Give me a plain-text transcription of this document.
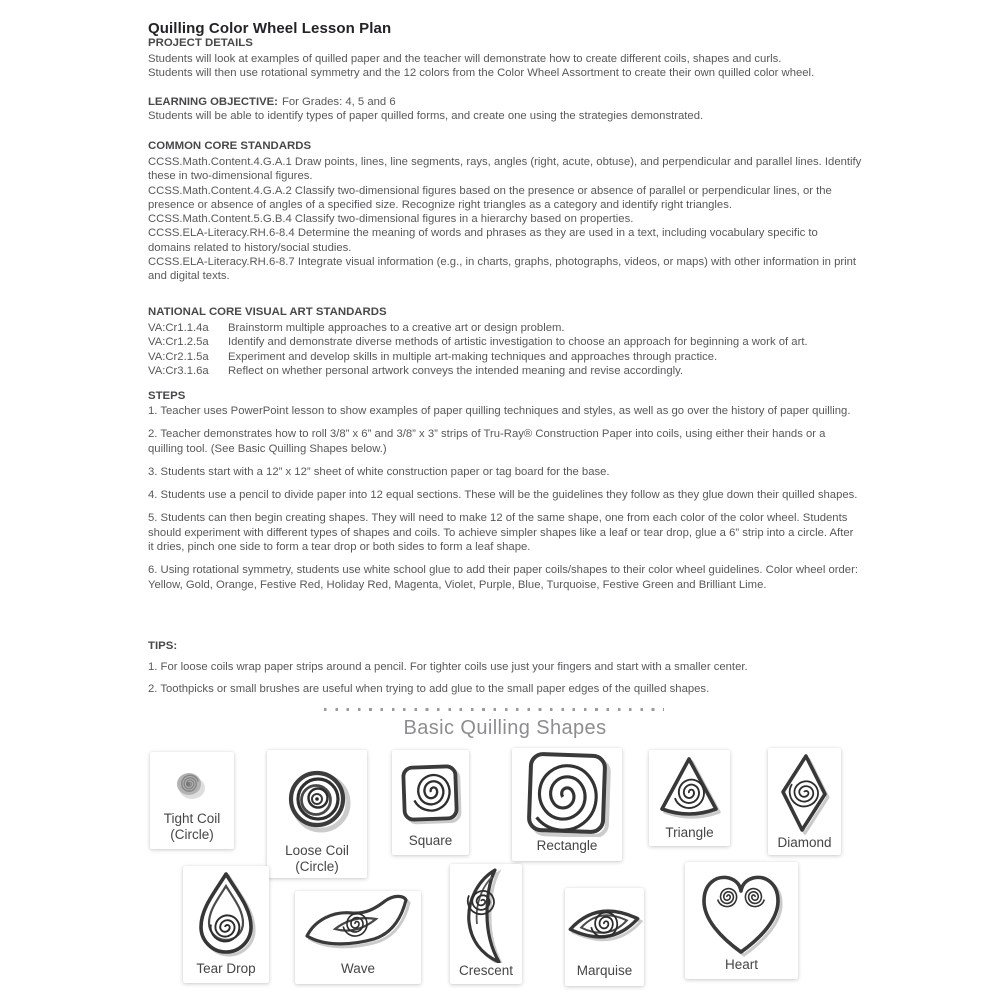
Quilling Color Wheel Lesson Plan
PROJECT DETAILS

Students will look at examples of quilled paper and the teacher will demonstrate how to create different coils, shapes and curls.

Students will then use rotational symmetry and the 12 colors from the Color Wheel Assortment to create their own quilled color wheel.

LEARNING OBJECTIVE: For Grades: 4, 5 and 6

Students will be able to identify types of paper quilled forms, and create one using the strategies demonstrated.

COMMON CORE STANDARDS

CCSS.Math.Content.4.G.A.1 Draw points, lines, line segments, rays, angles (right, acute, obtuse), and perpendicular and parallel lines. Identify these in two-dimensional figures.

CCSS.Math.Content.4.G.A.2 Classify two-dimensional figures based on the presence or absence of parallel or perpendicular lines, or the presence or absence of angles of a specified size. Recognize right triangles as a category and identify right triangles.

CCSS.Math.Content.5.G.B.4 Classify two-dimensional figures in a hierarchy based on properties.

CCSS.ELA-Literacy.RH.6-8.4 Determine the meaning of words and phrases as they are used in a text, including vocabulary specific to domains related to history/social studies.

CCSS.ELA-Literacy.RH.6-8.7 Integrate visual information (e.g., in charts, graphs, photographs, videos, or maps) with other information in print and digital texts.

NATIONAL CORE VISUAL ART STANDARDS

VA:Cr1.1.4a Brainstorm multiple approaches to a creative art or design problem.

VA:Cr1.2.5a Identify and demonstrate diverse methods of artistic investigation to choose an approach for beginning a work of art.

VA:Cr2.1.5a Experiment and develop skills in multiple art-making techniques and approaches through practice.

VA:Cr3.1.6a Reflect on whether personal artwork conveys the intended meaning and revise accordingly.

STEPS

1. Teacher uses PowerPoint lesson to show examples of paper quilling techniques and styles, as well as go over the history of paper quilling.

2. Teacher demonstrates how to roll 3/8” x 6” and 3/8” x 3” strips of Tru-Ray® Construction Paper into coils, using either their hands or a quilling tool. (See Basic Quilling Shapes below.)

3. Students start with a 12” x 12” sheet of white construction paper or tag board for the base.

4. Students use a pencil to divide paper into 12 equal sections. These will be the guidelines they follow as they glue down their quilled shapes.

5. Students can then begin creating shapes. They will need to make 12 of the same shape, one from each color of the color wheel. Students should experiment with different types of shapes and coils. To achieve simpler shapes like a leaf or tear drop, glue a 6” strip into a circle. After it dries, pinch one side to form a tear drop or both sides to form a leaf shape.

6. Using rotational symmetry, students use white school glue to add their paper coils/shapes to their color wheel guidelines. Color wheel order: Yellow, Gold, Orange, Festive Red, Holiday Red, Magenta, Violet, Purple, Blue, Turquoise, Festive Green and Brilliant Lime.

TIPS:

1. For loose coils wrap paper strips around a pencil. For tighter coils use just your fingers and start with a smaller center.

2. Toothpicks or small brushes are useful when trying to add glue to the small paper edges of the quilled shapes.

Basic Quilling Shapes
Tight Coil
(Circle)
Loose Coil
(Circle)
Square	Rectangle
Triangle
Diamond
Tear Drop	Wave	Crescent	Marquise	Heart
